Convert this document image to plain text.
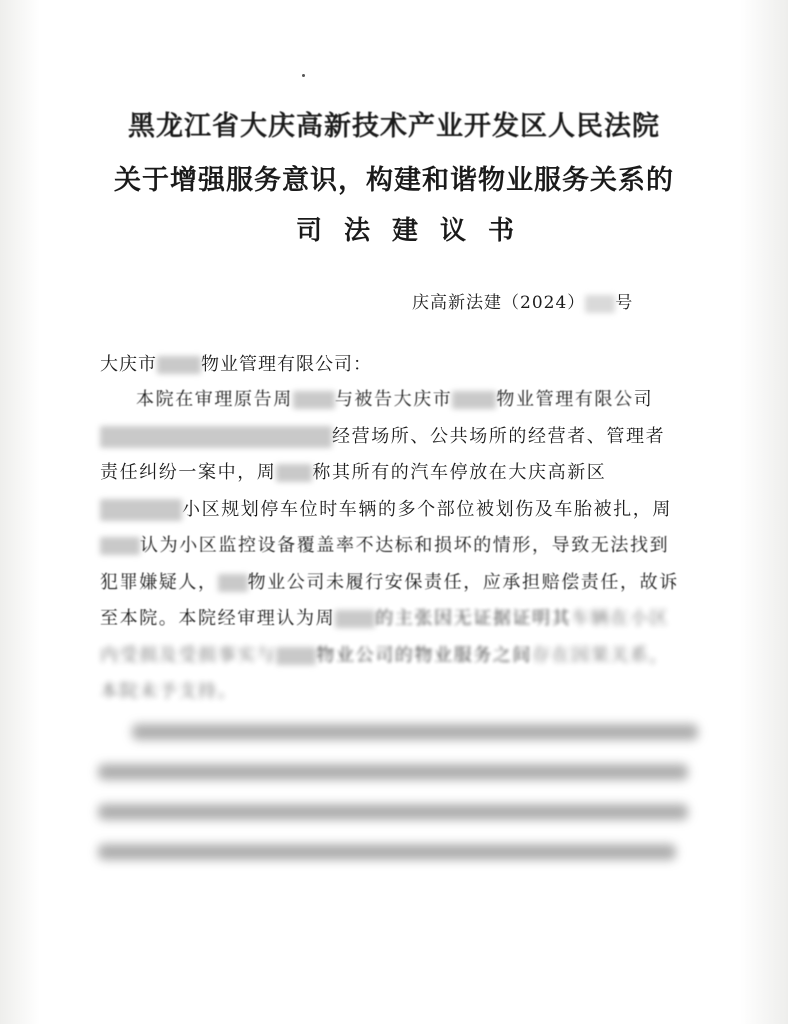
黑龙江省大庆高新技术产业开发区人民法院
关于增强服务意识，构建和谐物业服务关系的
司法建议书
庆高新法建（2024） 号
大庆市 物业管理有限公司：

本院在审理原告周 与被告大庆市 物业管理有限公司经营场所、公共场所的经营者、管理者责任纠纷一案中，周 称其所有的汽车停放在大庆高新区小区规划停车位时车辆的多个部位被划伤及车胎被扎，周认为小区监控设备覆盖率不达标和损坏的情形，导致无法找到犯罪嫌疑人， 物业公司未履行安保责任，应承担赔偿责任，故诉至本院。本院经审理认为周 的主张因无证据证明其车辆在小区内受损及受损事实与 物业公司的物业服务之间存在因果关系，本院未予支持。
